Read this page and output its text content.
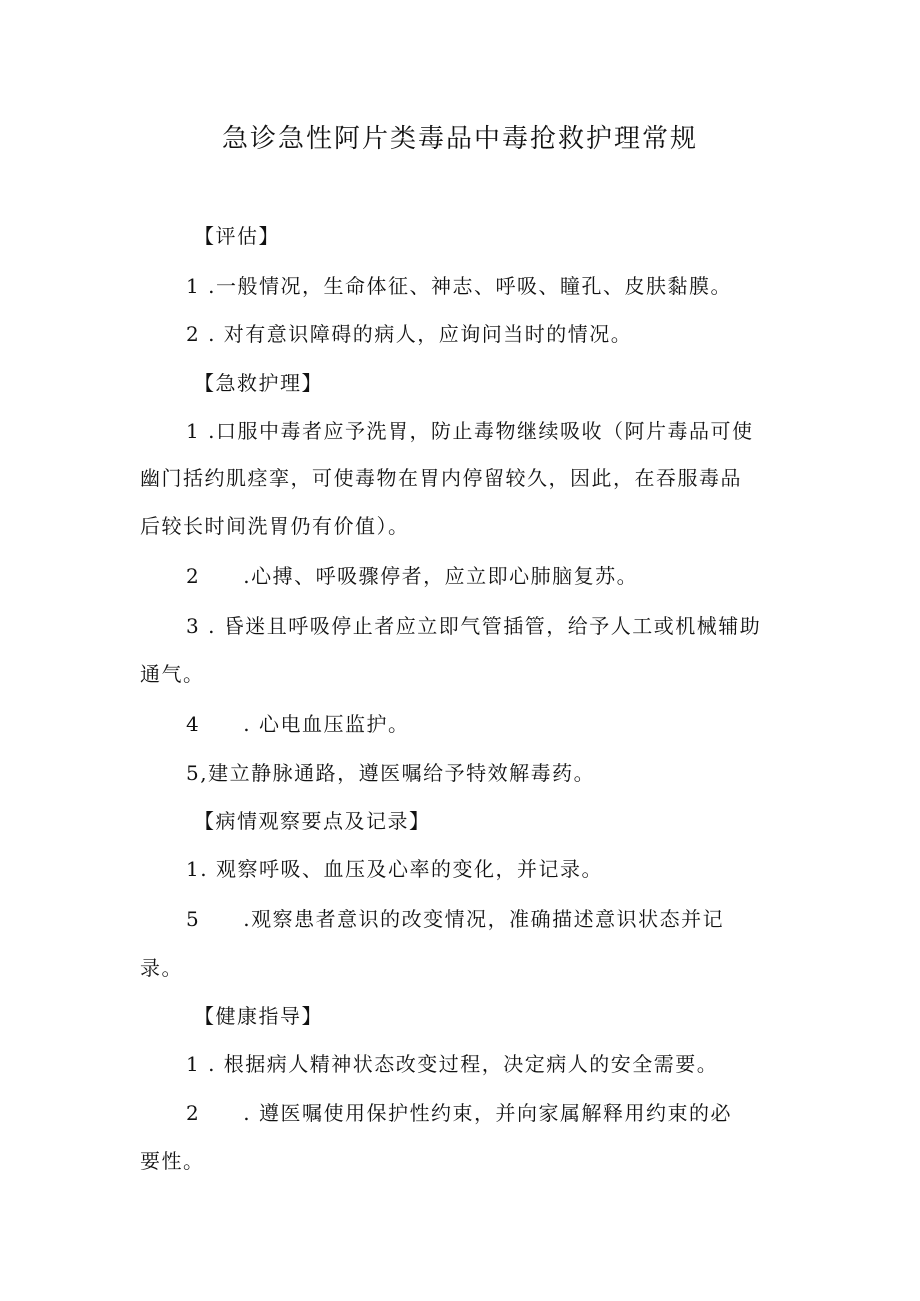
急诊急性阿片类毒品中毒抢救护理常规
【评估】
1 .一般情况，生命体征、神志、呼吸、瞳孔、皮肤黏膜。
2 . 对有意识障碍的病人，应询问当时的情况。
【急救护理】
1 .口服中毒者应予洗胃，防止毒物继续吸收（阿片毒品可使
幽门括约肌痉挛，可使毒物在胃内停留较久，因此，在吞服毒品
后较长时间洗胃仍有价值）。
2　　.心搏、呼吸骤停者，应立即心肺脑复苏。
3 . 昏迷且呼吸停止者应立即气管插管，给予人工或机械辅助
通气。
4　　. 心电血压监护。
5,建立静脉通路，遵医嘱给予特效解毒药。
【病情观察要点及记录】
1. 观察呼吸、血压及心率的变化，并记录。
5　　.观察患者意识的改变情况，准确描述意识状态并记
录。
【健康指导】
1 . 根据病人精神状态改变过程，决定病人的安全需要。
2　　. 遵医嘱使用保护性约束，并向家属解释用约束的必
要性。
